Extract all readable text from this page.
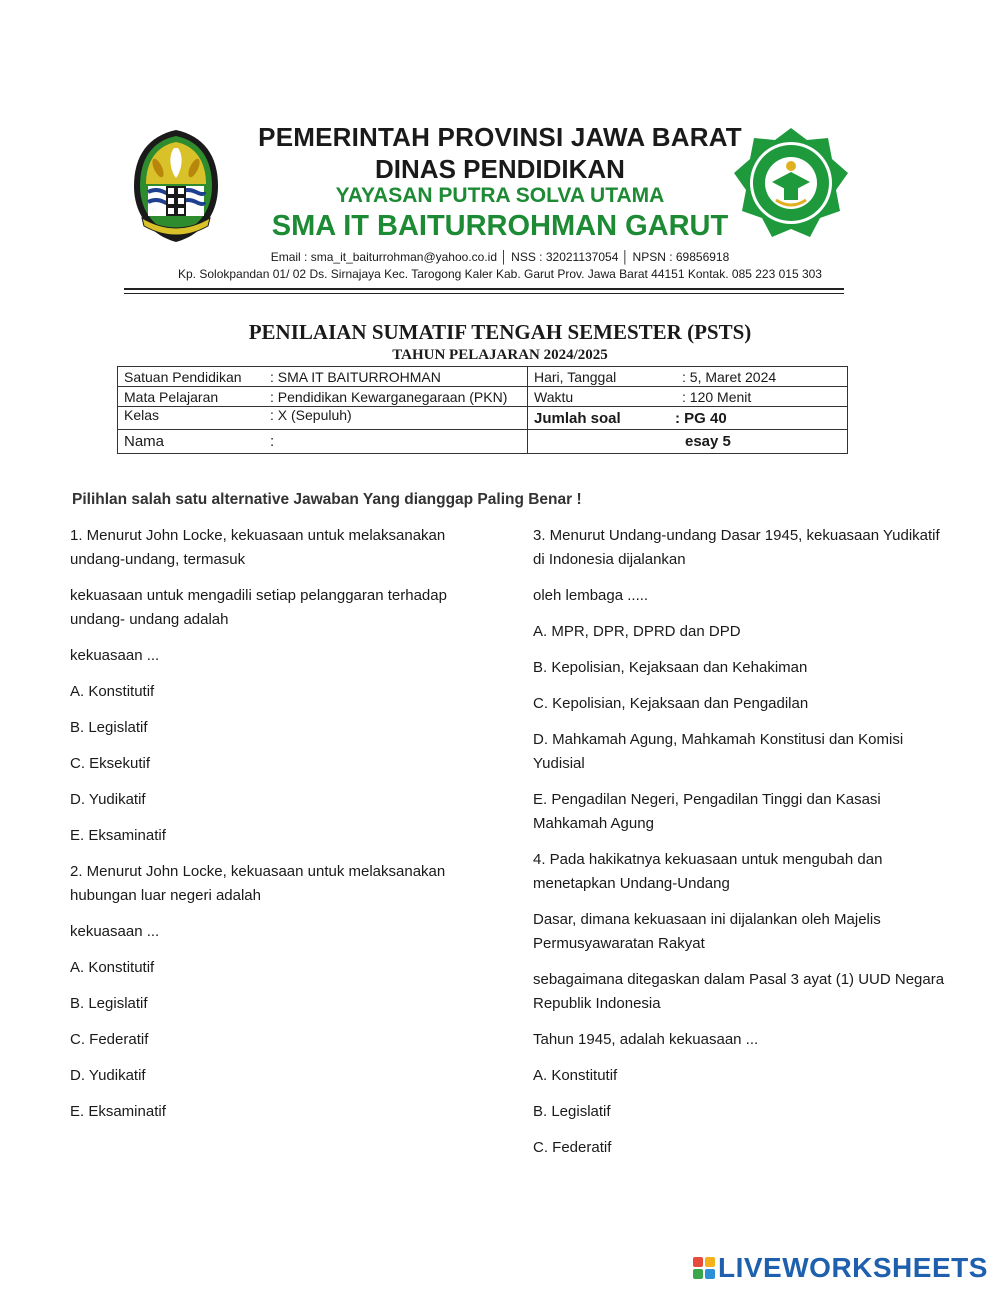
PEMERINTAH PROVINSI JAWA BARAT
DINAS PENDIDIKAN
YAYASAN PUTRA SOLVA UTAMA
SMA IT BAITURROHMAN GARUT
Email : sma_it_baiturrohman@yahoo.co.id │ NSS : 32021137054 │ NPSN : 69856918
Kp. Solokpandan 01/ 02 Ds. Sirnajaya Kec. Tarogong Kaler Kab. Garut Prov. Jawa Barat 44151 Kontak. 085 223 015 303
PENILAIAN SUMATIF TENGAH SEMESTER (PSTS)
TAHUN PELAJARAN 2024/2025
Satuan Pendidikan : SMA IT BAITURROHMAN	Hari, Tanggal : 5, Maret 2024
Mata Pelajaran : Pendidikan Kewarganegaraan (PKN)	Waktu : 120 Menit
Kelas : X (Sepuluh)	Jumlah soal : PG 40
Nama :	esay 5
Pilihlan salah satu alternative Jawaban Yang dianggap Paling Benar !

1. Menurut John Locke, kekuasaan untuk melaksanakan undang-undang, termasuk

kekuasaan untuk mengadili setiap pelanggaran terhadap undang- undang adalah

kekuasaan ...

A. Konstitutif

B. Legislatif

C. Eksekutif

D. Yudikatif

E. Eksaminatif

2. Menurut John Locke, kekuasaan untuk melaksanakan hubungan luar negeri adalah

kekuasaan ...

A. Konstitutif

B. Legislatif

C. Federatif

D. Yudikatif

E. Eksaminatif

3. Menurut Undang-undang Dasar 1945, kekuasaan Yudikatif di Indonesia dijalankan

oleh lembaga .....

A. MPR, DPR, DPRD dan DPD

B. Kepolisian, Kejaksaan dan Kehakiman

C. Kepolisian, Kejaksaan dan Pengadilan

D. Mahkamah Agung, Mahkamah Konstitusi dan Komisi Yudisial

E. Pengadilan Negeri, Pengadilan Tinggi dan Kasasi Mahkamah Agung

4. Pada hakikatnya kekuasaan untuk mengubah dan menetapkan Undang-Undang

Dasar, dimana kekuasaan ini dijalankan oleh Majelis Permusyawaratan Rakyat

sebagaimana ditegaskan dalam Pasal 3 ayat (1) UUD Negara Republik Indonesia

Tahun 1945, adalah kekuasaan ...

A. Konstitutif

B. Legislatif

C. Federatif

LIVEWORKSHEETS
